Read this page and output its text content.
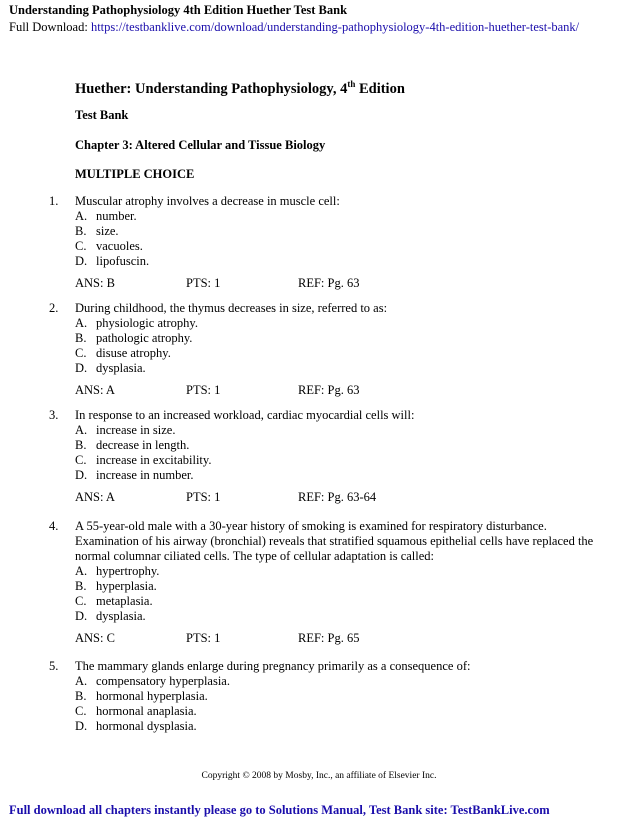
Understanding Pathophysiology 4th Edition Huether Test Bank
Full Download: https://testbanklive.com/download/understanding-pathophysiology-4th-edition-huether-test-bank/
Huether: Understanding Pathophysiology, 4th Edition
Test Bank
Chapter 3: Altered Cellular and Tissue Biology
MULTIPLE CHOICE
1.	Muscular atrophy involves a decrease in muscle cell:
A. number.
B. size.
C. vacuoles.
D. lipofuscin.
ANS: B	PTS: 1	REF: Pg. 63
2.	During childhood, the thymus decreases in size, referred to as:
A. physiologic atrophy.
B. pathologic atrophy.
C. disuse atrophy.
D. dysplasia.
ANS: A	PTS: 1	REF: Pg. 63
3.	In response to an increased workload, cardiac myocardial cells will:
A. increase in size.
B. decrease in length.
C. increase in excitability.
D. increase in number.
ANS: A	PTS: 1	REF: Pg. 63-64
4.	A 55-year-old male with a 30-year history of smoking is examined for respiratory disturbance. Examination of his airway (bronchial) reveals that stratified squamous epithelial cells have replaced the normal columnar ciliated cells. The type of cellular adaptation is called:
A. hypertrophy.
B. hyperplasia.
C. metaplasia.
D. dysplasia.
ANS: C	PTS: 1	REF: Pg. 65
5.	The mammary glands enlarge during pregnancy primarily as a consequence of:
A. compensatory hyperplasia.
B. hormonal hyperplasia.
C. hormonal anaplasia.
D. hormonal dysplasia.
Copyright © 2008 by Mosby, Inc., an affiliate of Elsevier Inc.
Full download all chapters instantly please go to Solutions Manual, Test Bank site: TestBankLive.com
